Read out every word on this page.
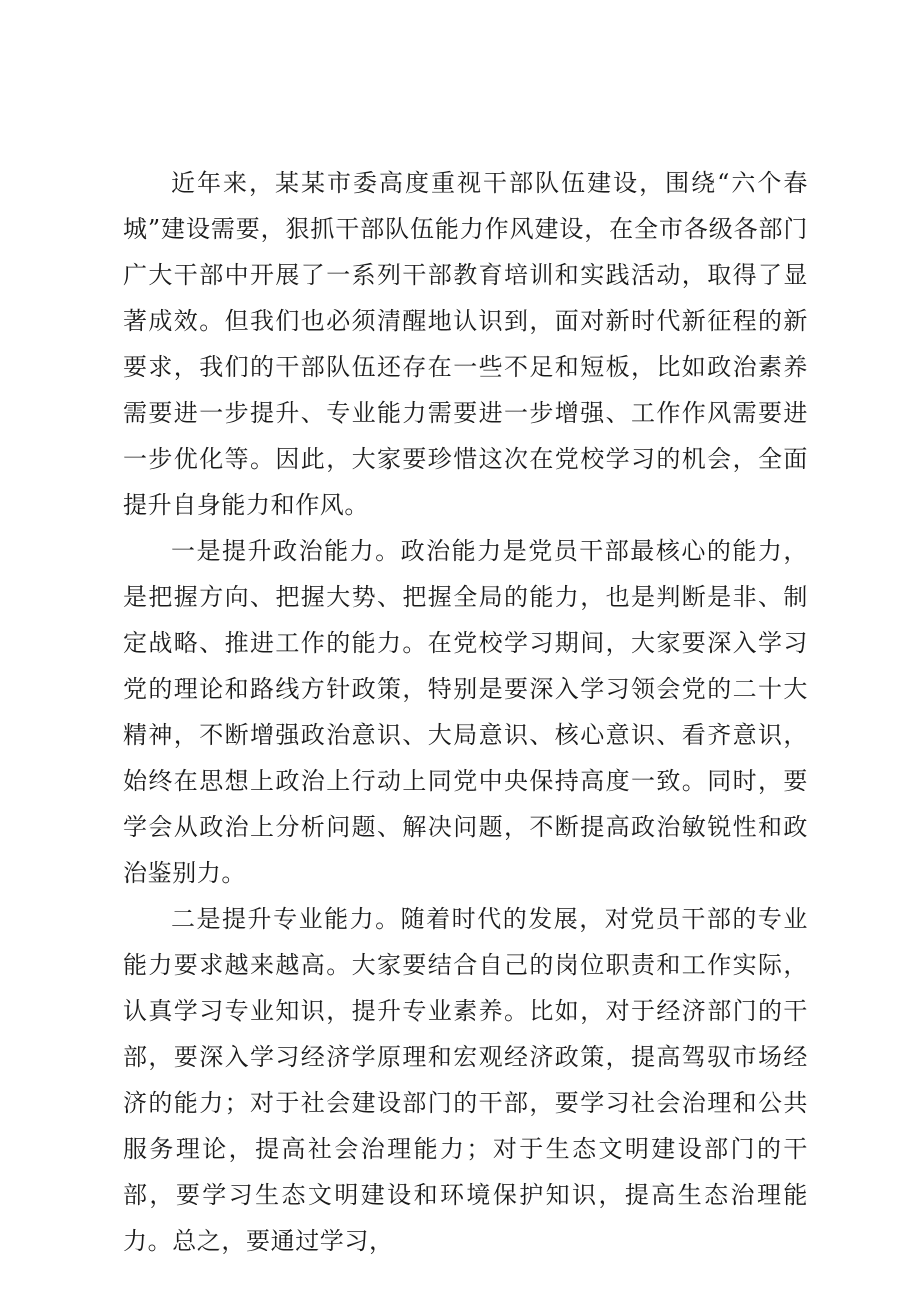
近年来，某某市委高度重视干部队伍建设，围绕“六个春城”建设需要，狠抓干部队伍能力作风建设，在全市各级各部门广大干部中开展了一系列干部教育培训和实践活动，取得了显著成效。但我们也必须清醒地认识到，面对新时代新征程的新要求，我们的干部队伍还存在一些不足和短板，比如政治素养需要进一步提升、专业能力需要进一步增强、工作作风需要进一步优化等。因此，大家要珍惜这次在党校学习的机会，全面提升自身能力和作风。

一是提升政治能力。政治能力是党员干部最核心的能力，是把握方向、把握大势、把握全局的能力，也是判断是非、制定战略、推进工作的能力。在党校学习期间，大家要深入学习党的理论和路线方针政策，特别是要深入学习领会党的二十大精神，不断增强政治意识、大局意识、核心意识、看齐意识，始终在思想上政治上行动上同党中央保持高度一致。同时，要学会从政治上分析问题、解决问题，不断提高政治敏锐性和政治鉴别力。

二是提升专业能力。随着时代的发展，对党员干部的专业能力要求越来越高。大家要结合自己的岗位职责和工作实际，认真学习专业知识，提升专业素养。比如，对于经济部门的干部，要深入学习经济学原理和宏观经济政策，提高驾驭市场经济的能力；对于社会建设部门的干部，要学习社会治理和公共服务理论，提高社会治理能力；对于生态文明建设部门的干部，要学习生态文明建设和环境保护知识，提高生态治理能力。总之，要通过学习，
